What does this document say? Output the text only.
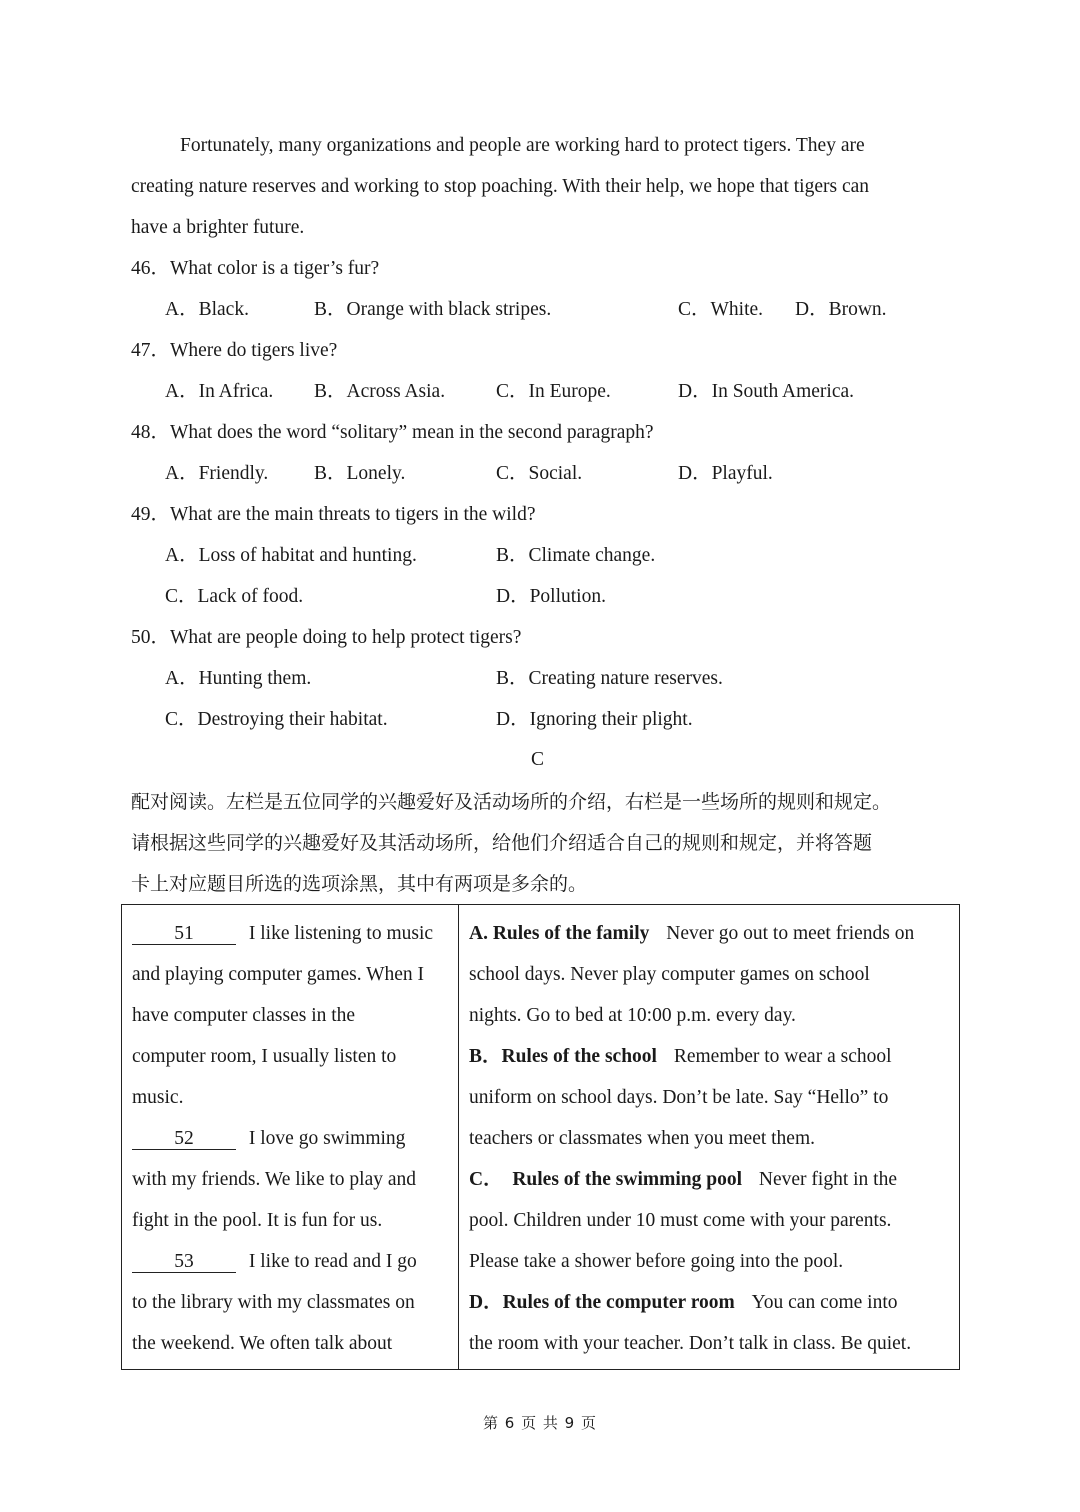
Fortunately, many organizations and people are working hard to protect tigers. They are
creating nature reserves and working to stop poaching. With their help, we hope that tigers can
have a brighter future.
46．What color is a tiger’s fur?
A．Black.	B．Orange with black stripes.	C．White. D．Brown.
47．Where do tigers live?
A．In Africa. B．Across Asia.	C．In Europe.	D．In South America.
48．What does the word “solitary” mean in the second paragraph?
A．Friendly. B．Lonely.	C．Social.	D．Playful.
49．What are the main threats to tigers in the wild?
A．Loss of habitat and hunting.	B．Climate change.
C．Lack of food.	D．Pollution.
50．What are people doing to help protect tigers?
A．Hunting them.	B．Creating nature reserves.
C．Destroying their habitat.	D．Ignoring their plight.
C
配对阅读。左栏是五位同学的兴趣爱好及活动场所的介绍，右栏是一些场所的规则和规定。
请根据这些同学的兴趣爱好及其活动场所，给他们介绍适合自己的规则和规定，并将答题
卡上对应题目所选的选项涂黑，其中有两项是多余的。
51	I like listening to music
and playing computer games. When I
have computer classes in the
computer room, I usually listen to
music.
52	I love go swimming
with my friends. We like to play and
fight in the pool. It is fun for us.
53	I like to read and I go
to the library with my classmates on
the weekend. We often talk about

A. Rules of the family Never go out to meet friends on
school days. Never play computer games on school
nights. Go to bed at 10:00 p.m. every day.
B．Rules of the school Remember to wear a school
uniform on school days. Don’t be late. Say “Hello” to
teachers or classmates when you meet them.
C．  Rules of the swimming pool Never fight in the
pool. Children under 10 must come with your parents.
Please take a shower before going into the pool.
D．Rules of the computer room You can come into
the room with your teacher. Don’t talk in class. Be quiet.
第 6 页 共 9 页
